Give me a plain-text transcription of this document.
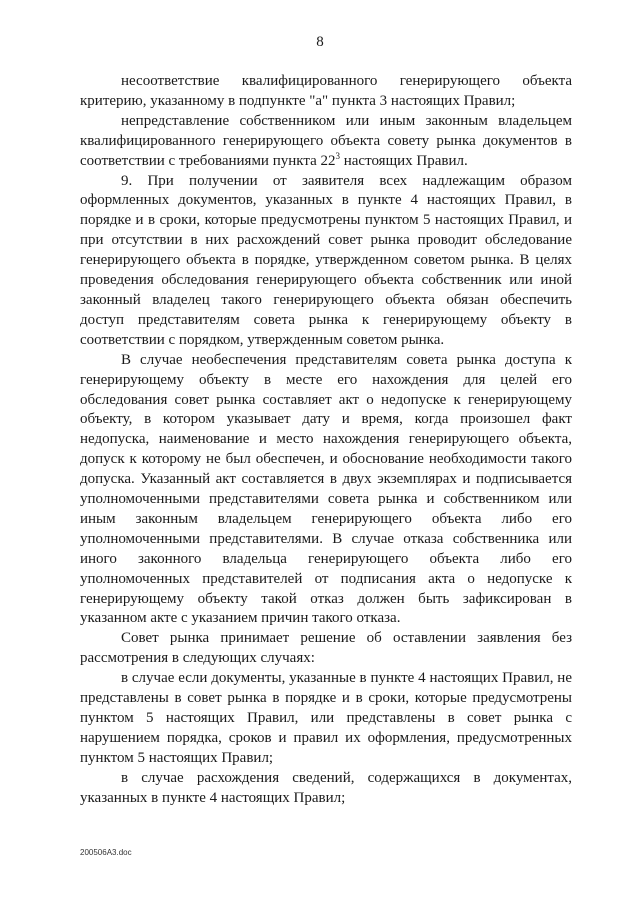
8

несоответствие квалифицированного генерирующего объекта критерию, указанному в подпункте "а" пункта 3 настоящих Правил;

непредставление собственником или иным законным владельцем квалифицированного генерирующего объекта совету рынка документов в соответствии с требованиями пункта $22^3$ настоящих Правил.

9. При получении от заявителя всех надлежащим образом оформленных документов, указанных в пункте 4 настоящих Правил, в порядке и в сроки, которые предусмотрены пунктом 5 настоящих Правил, и при отсутствии в них расхождений совет рынка проводит обследование генерирующего объекта в порядке, утвержденном советом рынка. В целях проведения обследования генерирующего объекта собственник или иной законный владелец такого генерирующего объекта обязан обеспечить доступ представителям совета рынка к генерирующему объекту в соответствии с порядком, утвержденным советом рынка.

В случае необеспечения представителям совета рынка доступа к генерирующему объекту в месте его нахождения для целей его обследования совет рынка составляет акт о недопуске к генерирующему объекту, в котором указывает дату и время, когда произошел факт недопуска, наименование и место нахождения генерирующего объекта, допуск к которому не был обеспечен, и обоснование необходимости такого допуска. Указанный акт составляется в двух экземплярах и подписывается уполномоченными представителями совета рынка и собственником или иным законным владельцем генерирующего объекта либо его уполномоченными представителями. В случае отказа собственника или иного законного владельца генерирующего объекта либо его уполномоченных представителей от подписания акта о недопуске к генерирующему объекту такой отказ должен быть зафиксирован в указанном акте с указанием причин такого отказа.

Совет рынка принимает решение об оставлении заявления без рассмотрения в следующих случаях:

в случае если документы, указанные в пункте 4 настоящих Правил, не представлены в совет рынка в порядке и в сроки, которые предусмотрены пунктом 5 настоящих Правил, или представлены в совет рынка с нарушением порядка, сроков и правил их оформления, предусмотренных пунктом 5 настоящих Правил;

в случае расхождения сведений, содержащихся в документах, указанных в пункте 4 настоящих Правил;

200506А3.doc
